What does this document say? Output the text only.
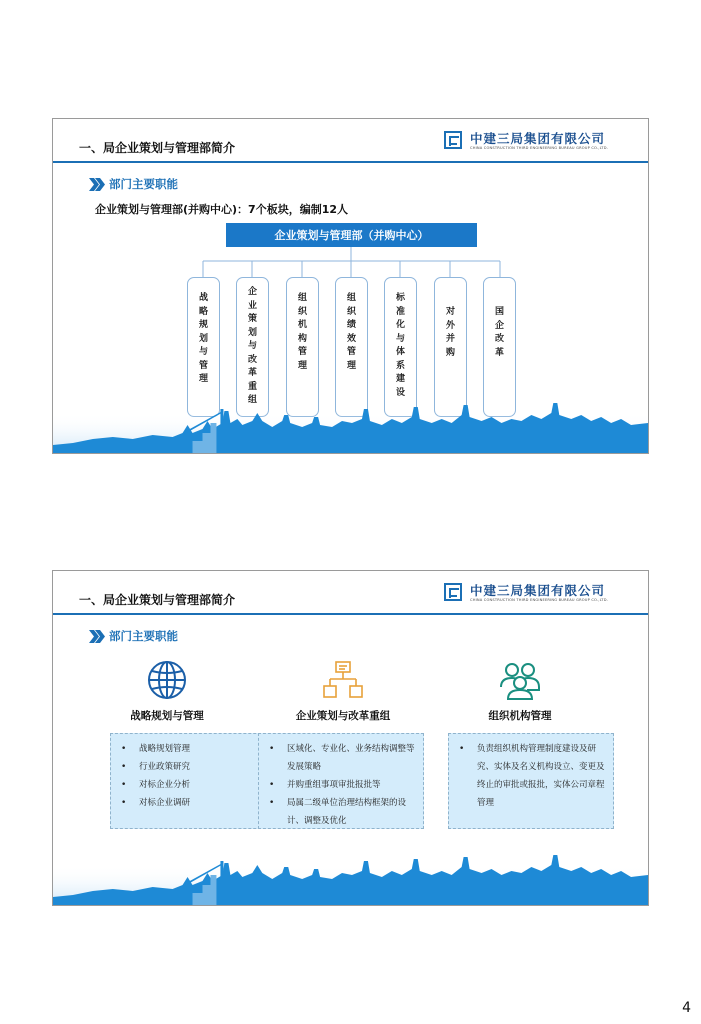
一、局企业策划与管理部简介
中建三局集团有限公司
CHINA CONSTRUCTION THIRD ENGINEERING BUREAU GROUP CO.,LTD.
部门主要职能
企业策划与管理部(并购中心)：7个板块，编制12人
企业策划与管理部（并购中心）
战略规划与管理
企业策划与改革重组
组织机构管理
组织绩效管理
标准化与体系建设
对外并购
国企改革
一、局企业策划与管理部简介
中建三局集团有限公司
CHINA CONSTRUCTION THIRD ENGINEERING BUREAU GROUP CO.,LTD.
部门主要职能
战略规划与管理
• 战略规划管理
• 行业政策研究
• 对标企业分析
• 对标企业调研
企业策划与改革重组
• 区域化、专业化、业务结构调整等发展策略
• 并购重组事项审批报批等
• 局属二级单位治理结构框架的设计、调整及优化
组织机构管理
• 负责组织机构管理制度建设及研究、实体及名义机构设立、变更及终止的审批或报批，实体公司章程管理
4
